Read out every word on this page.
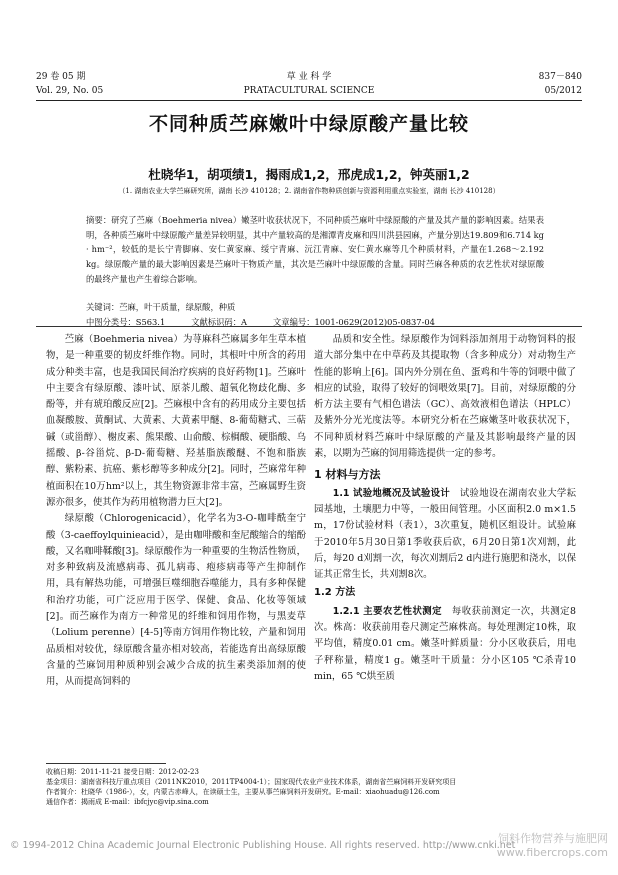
29 卷 05 期
Vol. 29, No. 05
草 业 科 学
PRATACULTURAL SCIENCE
837－840
05/2012
不同种质苎麻嫩叶中绿原酸产量比较
杜晓华1，胡项绩1，揭雨成1,2，邢虎成1,2，钟英丽1,2
（1. 湖南农业大学苎麻研究所，湖南 长沙 410128；2. 湖南省作物种质创新与资源利用重点实验室，湖南 长沙 410128）
摘要：研究了苎麻（Boehmeria nivea）嫩茎叶收获状况下，不同种质苎麻叶中绿原酸的产量及其产量的影响因素。结果表明，各种质苎麻叶中绿原酸产量差异较明显，其中产量较高的是湘潭青皮麻和四川洪县园麻，产量分别达19.809和6.714 kg · hm⁻²，较低的是长宁青脚麻、安仁黄家麻、绥宁青麻、沅江青麻、安仁黄水麻等几个种质材料，产量在1.268～2.192 kg。绿原酸产量的最大影响因素是苎麻叶干物质产量，其次是苎麻叶中绿原酸的含量。同时苎麻各种质的农艺性状对绿原酸的最终产量也产生着综合影响。
关键词：苎麻，叶干质量，绿原酸，种质
中图分类号：S563.1	文献标识码：A	文章编号：1001-0629(2012)05-0837-04

苎麻（Boehmeria nivea）为荨麻科苎麻属多年生草本植物，是一种重要的韧皮纤维作物。同时，其根叶中所含的药用成分种类丰富，也是我国民间治疗疾病的良好药物[1]。苎麻叶中主要含有绿原酸、漆叶试、原茶儿酸、超氧化物歧化酶、多酚等，并有琥珀酸反应[2]。苎麻根中含有的药用成分主要包括血凝酸胺、黄酮试、大黄素、大黄素甲醚、8-葡萄糖式、三萜碱（或甾醇）、榭皮素、熊果酸、山俞酸、棕榈酸、硬脂酸、乌摇酸、β-谷甾烷、β-D-葡萄糖、羟基脂族酸醚、不饱和脂族醇、紫粉素、抗癌、紫杉醇等多种成分[2]。同时，苎麻常年种植面积在10万hm²以上，其生物资源非常丰富，苎麻属野生资源亦很多，使其作为药用植物潜力巨大[2]。

绿原酸（Chlorogenicacid），化学名为3-O-咖啡酰奎宁酸（3-caeffoylquinieacid），是由咖啡酸和奎尼酸缩合的缩酚酸，又名咖啡鞣酸[3]。绿原酸作为一种重要的生物活性物质，对多种致病及流感病毒、孤儿病毒、疱疹病毒等产生抑制作用，具有解热功能，可增强巨噬细胞吞噬能力，具有多种保健和治疗功能，可广泛应用于医学、保健、食品、化妆等领域[2]。而苎麻作为南方一种常见的纤维和饲用作物，与黑麦草（Lolium perenne）[4-5]等南方饲用作物比较，产量和饲用品质相对较优，绿原酸含量亦相对较高，若能选育出高绿原酸含量的苎麻饲用种质种别会减少合成的抗生素类添加剂的使用，从而提高饲料的

品质和安全性。绿原酸作为饲料添加剂用于动物饲料的报道大部分集中在中草药及其提取物（含多种成分）对动物生产性能的影响上[6]。国内外分别在鱼、蛋鸡和牛等的饲喂中做了相应的试验，取得了较好的饲喂效果[7]。目前，对绿原酸的分析方法主要有气相色谱法（GC）、高效液相色谱法（HPLC）及紫外分光光度法等。本研究分析在苎麻嫩茎叶收获状况下，不同种质材料苎麻叶中绿原酸的产量及其影响最终产量的因素，以期为苎麻的饲用筛选提供一定的参考。

1 材料与方法

1.1 试验地概况及试验设计　 试验地设在湖南农业大学耘园基地，土壤肥力中等，一般田间管理。小区面积2.0 m×1.5 m，17份试验材料（表1），3次重复，随机区组设计。试验麻于2010年5月30日第1季收获后砍，6月20日第1次刈割，此后，每20 d刈割一次，每次刈割后2 d内进行施肥和浇水，以保证其正常生长，共刈割8次。

1.2 方法

1.2.1 主要农艺性状测定　 每收获前测定一次，共测定8次。株高：收获前用卷尺测定苎麻株高。每处理测定10株，取平均值，精度0.01 cm。嫩茎叶鲜质量：分小区收获后，用电子秤称量，精度1 g。嫩茎叶干质量：分小区105 ℃杀青10 min，65 ℃烘至质

收稿日期：2011-11-21 接受日期：2012-02-23
基金项目：湖南省科技厅重点项目（2011NK2010，2011TP4004-1）；国家现代农业产业技术体系，湖南省苎麻饲料开发研究项目
作者简介：杜晓华（1986-），女，内蒙古赤峰人，在读硕士生，主要从事苎麻饲料开发研究。E-mail：xiaohuadu@126.com
通信作者：揭雨成 E-mail：ibfcjyc@vip.sina.com
© 1994-2012 China Academic Journal Electronic Publishing House. All rights reserved. http://www.cnki.net
饲料作物营养与施肥网
www.fibercrops.com
